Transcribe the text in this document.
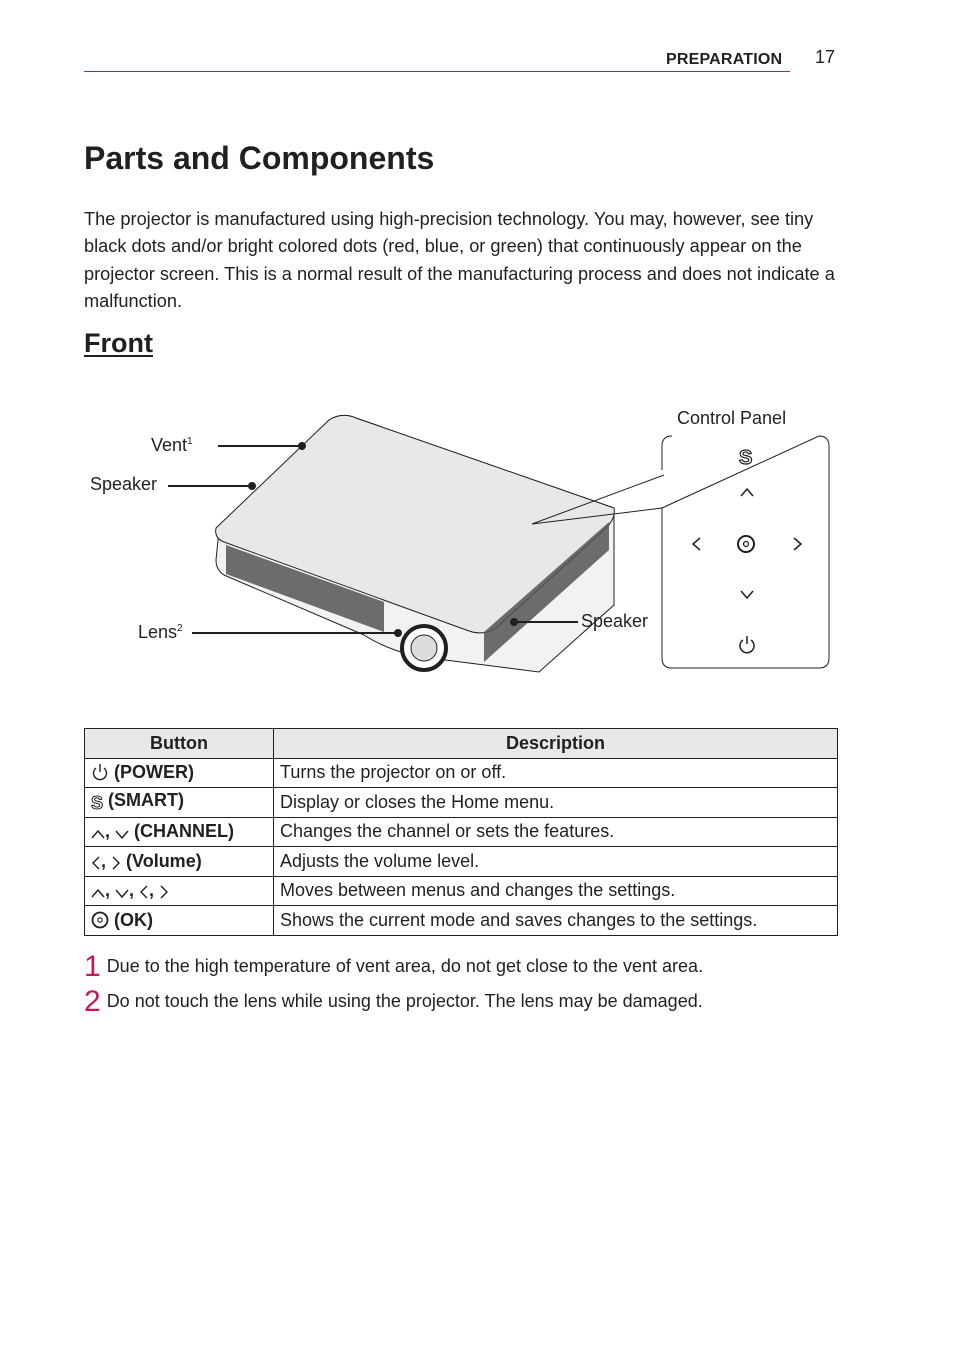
PREPARATION 17
Parts and Components

The projector is manufactured using high-precision technology. You may, however, see tiny black dots and/or bright colored dots (red, blue, or green) that continuously appear on the projector screen. This is a normal result of the manufacturing process and does not indicate a malfunction.

Front
Vent$^1$
Speaker
Lens$^2$	Speaker
Control Panel
S
Button	Description
(POWER)	Turns the projector on or off.
S (SMART)	Display or closes the Home menu.
,  (CHANNEL)	Changes the channel or sets the features.
,  (Volume)	Adjusts the volume level.
, , ,	Moves between menus and changes the settings.
(OK)	Shows the current mode and saves changes to the settings.
1 Due to the high temperature of vent area, do not get close to the vent area.
2 Do not touch the lens while using the projector. The lens may be damaged.
